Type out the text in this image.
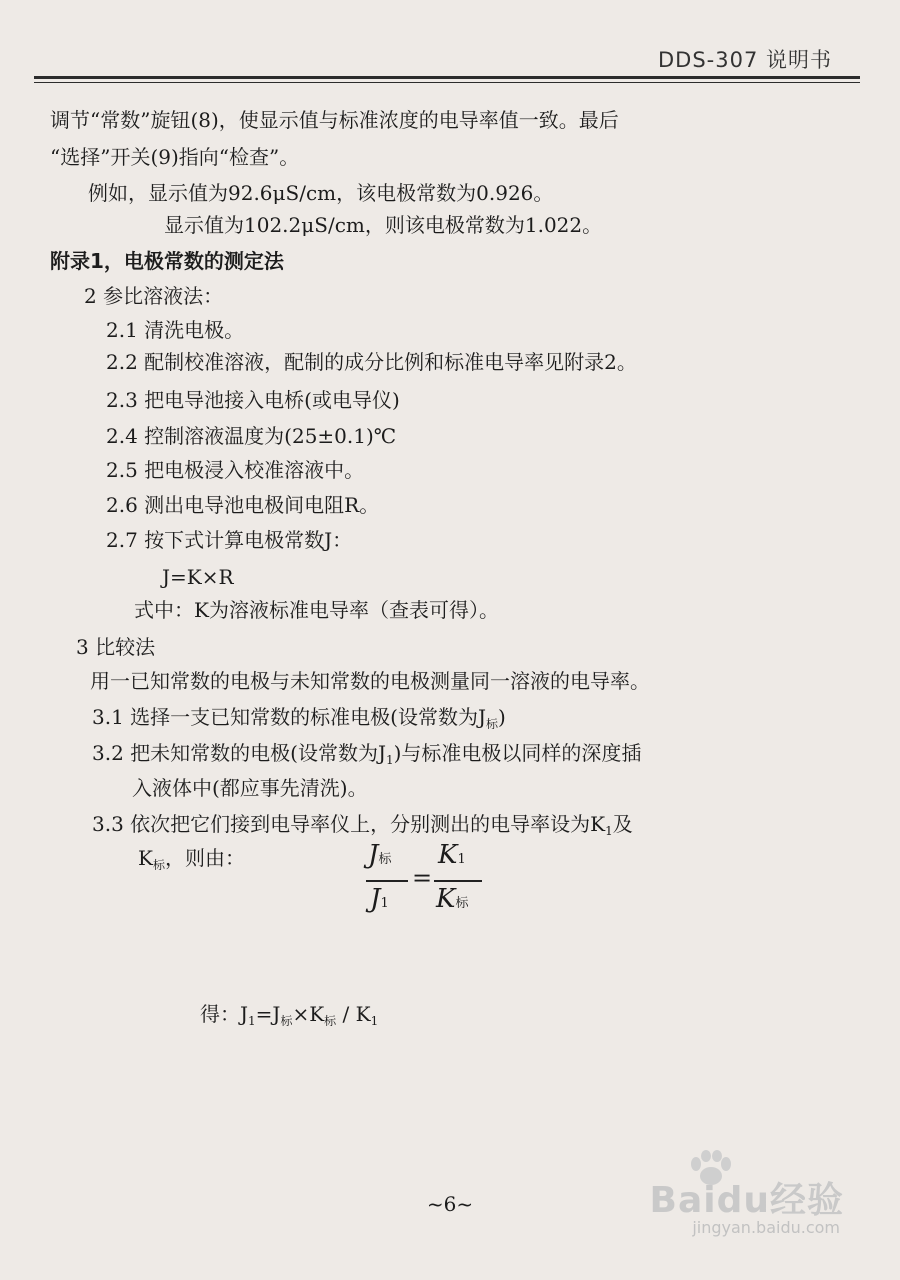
DDS-307 说明书
调节“常数”旋钮(8)，使显示值与标准浓度的电导率值一致。最后
“选择”开关(9)指向“检查”。
例如，显示值为92.6μS/cm，该电极常数为0.926。
显示值为102.2μS/cm，则该电极常数为1.022。
附录1，电极常数的测定法
2 参比溶液法：
2.1 清洗电极。
2.2 配制校准溶液，配制的成分比例和标准电导率见附录2。
2.3 把电导池接入电桥(或电导仪)
2.4 控制溶液温度为(25±0.1)℃
2.5 把电极浸入校准溶液中。
2.6 测出电导池电极间电阻R。
2.7 按下式计算电极常数J：
J=K×R
式中：K为溶液标准电导率（查表可得）。
3 比较法
用一已知常数的电极与未知常数的电极测量同一溶液的电导率。
3.1 选择一支已知常数的标准电极(设常数为$J_标$)
3.2 把未知常数的电极(设常数为$J_1$)与标准电极以同样的深度插
入液体中(都应事先清洗)。
3.3 依次把它们接到电导率仪上，分别测出的电导率设为$K_1$及
$K_标$，则由：	J标 K1
=
J1 K标
得：$J_1=J_标\times K_标 / K_1$
~6~	Baidu经验
jingyan.baidu.com
